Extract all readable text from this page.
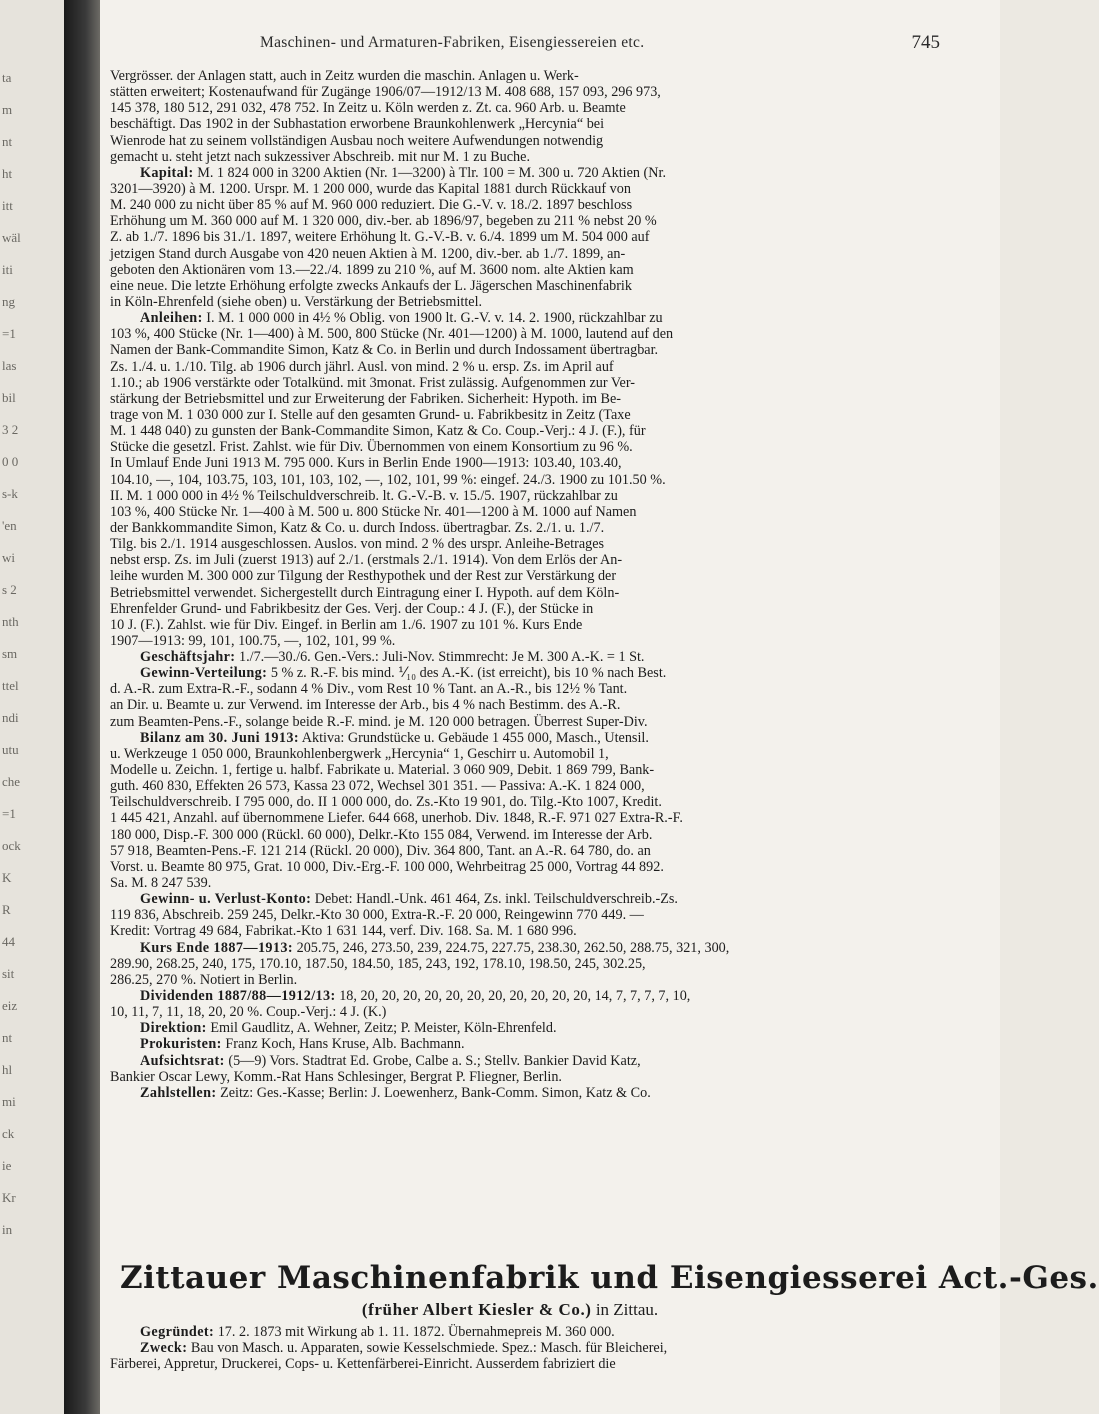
ta
m
nt
ht
itt
wäl
iti
ng
=1
las
bil
3 2
0 0
s-k
'en
wi
s 2
nth
sm
ttel
ndi
utu
che
=1
ock
K
R
44
sit
eiz
nt
hl
mi
ck
ie
Kr
in
Maschinen- und Armaturen-Fabriken, Eisengiessereien etc.	745
Vergrösser. der Anlagen statt, auch in Zeitz wurden die maschin. Anlagen u. Werk-
stätten erweitert; Kostenaufwand für Zugänge 1906/07—1912/13 M. 408 688, 157 093, 296 973,
145 378, 180 512, 291 032, 478 752. In Zeitz u. Köln werden z. Zt. ca. 960 Arb. u. Beamte
beschäftigt. Das 1902 in der Subhastation erworbene Braunkohlenwerk „Hercynia“ bei
Wienrode hat zu seinem vollständigen Ausbau noch weitere Aufwendungen notwendig
gemacht u. steht jetzt nach sukzessiver Abschreib. mit nur M. 1 zu Buche.
Kapital: M. 1 824 000 in 3200 Aktien (Nr. 1—3200) à Tlr. 100 = M. 300 u. 720 Aktien (Nr.
3201—3920) à M. 1200. Urspr. M. 1 200 000, wurde das Kapital 1881 durch Rückkauf von
M. 240 000 zu nicht über 85 % auf M. 960 000 reduziert. Die G.-V. v. 18./2. 1897 beschloss
Erhöhung um M. 360 000 auf M. 1 320 000, div.-ber. ab 1896/97, begeben zu 211 % nebst 20 %
Z. ab 1./7. 1896 bis 31./1. 1897, weitere Erhöhung lt. G.-V.-B. v. 6./4. 1899 um M. 504 000 auf
jetzigen Stand durch Ausgabe von 420 neuen Aktien à M. 1200, div.-ber. ab 1./7. 1899, an-
geboten den Aktionären vom 13.—22./4. 1899 zu 210 %, auf M. 3600 nom. alte Aktien kam
eine neue. Die letzte Erhöhung erfolgte zwecks Ankaufs der L. Jägerschen Maschinenfabrik
in Köln-Ehrenfeld (siehe oben) u. Verstärkung der Betriebsmittel.
Anleihen: I. M. 1 000 000 in 4½ % Oblig. von 1900 lt. G.-V. v. 14. 2. 1900, rückzahlbar zu
103 %, 400 Stücke (Nr. 1—400) à M. 500, 800 Stücke (Nr. 401—1200) à M. 1000, lautend auf den
Namen der Bank-Commandite Simon, Katz & Co. in Berlin und durch Indossament übertragbar.
Zs. 1./4. u. 1./10. Tilg. ab 1906 durch jährl. Ausl. von mind. 2 % u. ersp. Zs. im April auf
1.10.; ab 1906 verstärkte oder Totalkünd. mit 3monat. Frist zulässig. Aufgenommen zur Ver-
stärkung der Betriebsmittel und zur Erweiterung der Fabriken. Sicherheit: Hypoth. im Be-
trage von M. 1 030 000 zur I. Stelle auf den gesamten Grund- u. Fabrikbesitz in Zeitz (Taxe
M. 1 448 040) zu gunsten der Bank-Commandite Simon, Katz & Co. Coup.-Verj.: 4 J. (F.), für
Stücke die gesetzl. Frist. Zahlst. wie für Div. Übernommen von einem Konsortium zu 96 %.
In Umlauf Ende Juni 1913 M. 795 000. Kurs in Berlin Ende 1900—1913: 103.40, 103.40,
104.10, —, 104, 103.75, 103, 101, 103, 102, —, 102, 101, 99 %: eingef. 24./3. 1900 zu 101.50 %.
II. M. 1 000 000 in 4½ % Teilschuldverschreib. lt. G.-V.-B. v. 15./5. 1907, rückzahlbar zu
103 %, 400 Stücke Nr. 1—400 à M. 500 u. 800 Stücke Nr. 401—1200 à M. 1000 auf Namen
der Bankkommandite Simon, Katz & Co. u. durch Indoss. übertragbar. Zs. 2./1. u. 1./7.
Tilg. bis 2./1. 1914 ausgeschlossen. Auslos. von mind. 2 % des urspr. Anleihe-Betrages
nebst ersp. Zs. im Juli (zuerst 1913) auf 2./1. (erstmals 2./1. 1914). Von dem Erlös der An-
leihe wurden M. 300 000 zur Tilgung der Resthypothek und der Rest zur Verstärkung der
Betriebsmittel verwendet. Sichergestellt durch Eintragung einer I. Hypoth. auf dem Köln-
Ehrenfelder Grund- und Fabrikbesitz der Ges. Verj. der Coup.: 4 J. (F.), der Stücke in
10 J. (F.). Zahlst. wie für Div. Eingef. in Berlin am 1./6. 1907 zu 101 %. Kurs Ende
1907—1913: 99, 101, 100.75, —, 102, 101, 99 %.
Geschäftsjahr: 1./7.—30./6. Gen.-Vers.: Juli-Nov. Stimmrecht: Je M. 300 A.-K. = 1 St.
Gewinn-Verteilung: 5 % z. R.-F. bis mind. ⅟₁₀ des A.-K. (ist erreicht), bis 10 % nach Best.
d. A.-R. zum Extra-R.-F., sodann 4 % Div., vom Rest 10 % Tant. an A.-R., bis 12½ % Tant.
an Dir. u. Beamte u. zur Verwend. im Interesse der Arb., bis 4 % nach Bestimm. des A.-R.
zum Beamten-Pens.-F., solange beide R.-F. mind. je M. 120 000 betragen. Überrest Super-Div.
Bilanz am 30. Juni 1913: Aktiva: Grundstücke u. Gebäude 1 455 000, Masch., Utensil.
u. Werkzeuge 1 050 000, Braunkohlenbergwerk „Hercynia“ 1, Geschirr u. Automobil 1,
Modelle u. Zeichn. 1, fertige u. halbf. Fabrikate u. Material. 3 060 909, Debit. 1 869 799, Bank-
guth. 460 830, Effekten 26 573, Kassa 23 072, Wechsel 301 351. — Passiva: A.-K. 1 824 000,
Teilschuldverschreib. I 795 000, do. II 1 000 000, do. Zs.-Kto 19 901, do. Tilg.-Kto 1007, Kredit.
1 445 421, Anzahl. auf übernommene Liefer. 644 668, unerhob. Div. 1848, R.-F. 971 027 Extra-R.-F.
180 000, Disp.-F. 300 000 (Rückl. 60 000), Delkr.-Kto 155 084, Verwend. im Interesse der Arb.
57 918, Beamten-Pens.-F. 121 214 (Rückl. 20 000), Div. 364 800, Tant. an A.-R. 64 780, do. an
Vorst. u. Beamte 80 975, Grat. 10 000, Div.-Erg.-F. 100 000, Wehrbeitrag 25 000, Vortrag 44 892.
Sa. M. 8 247 539.
Gewinn- u. Verlust-Konto: Debet: Handl.-Unk. 461 464, Zs. inkl. Teilschuldverschreib.-Zs.
119 836, Abschreib. 259 245, Delkr.-Kto 30 000, Extra-R.-F. 20 000, Reingewinn 770 449. —
Kredit: Vortrag 49 684, Fabrikat.-Kto 1 631 144, verf. Div. 168. Sa. M. 1 680 996.
Kurs Ende 1887—1913: 205.75, 246, 273.50, 239, 224.75, 227.75, 238.30, 262.50, 288.75, 321, 300,
289.90, 268.25, 240, 175, 170.10, 187.50, 184.50, 185, 243, 192, 178.10, 198.50, 245, 302.25,
286.25, 270 %. Notiert in Berlin.
Dividenden 1887/88—1912/13: 18, 20, 20, 20, 20, 20, 20, 20, 20, 20, 20, 20, 14, 7, 7, 7, 7, 10,
10, 11, 7, 11, 18, 20, 20 %. Coup.-Verj.: 4 J. (K.)
Direktion: Emil Gaudlitz, A. Wehner, Zeitz; P. Meister, Köln-Ehrenfeld.
Prokuristen: Franz Koch, Hans Kruse, Alb. Bachmann.
Aufsichtsrat: (5—9) Vors. Stadtrat Ed. Grobe, Calbe a. S.; Stellv. Bankier David Katz,
Bankier Oscar Lewy, Komm.-Rat Hans Schlesinger, Bergrat P. Fliegner, Berlin.
Zahlstellen: Zeitz: Ges.-Kasse; Berlin: J. Loewenherz, Bank-Comm. Simon, Katz & Co.
Zittauer Maschinenfabrik und Eisengiesserei Act.-Ges.
(früher Albert Kiesler & Co.) in Zittau.
Gegründet: 17. 2. 1873 mit Wirkung ab 1. 11. 1872. Übernahmepreis M. 360 000.
Zweck: Bau von Masch. u. Apparaten, sowie Kesselschmiede. Spez.: Masch. für Bleicherei,
Färberei, Appretur, Druckerei, Cops- u. Kettenfärberei-Einricht. Ausserdem fabriziert die
